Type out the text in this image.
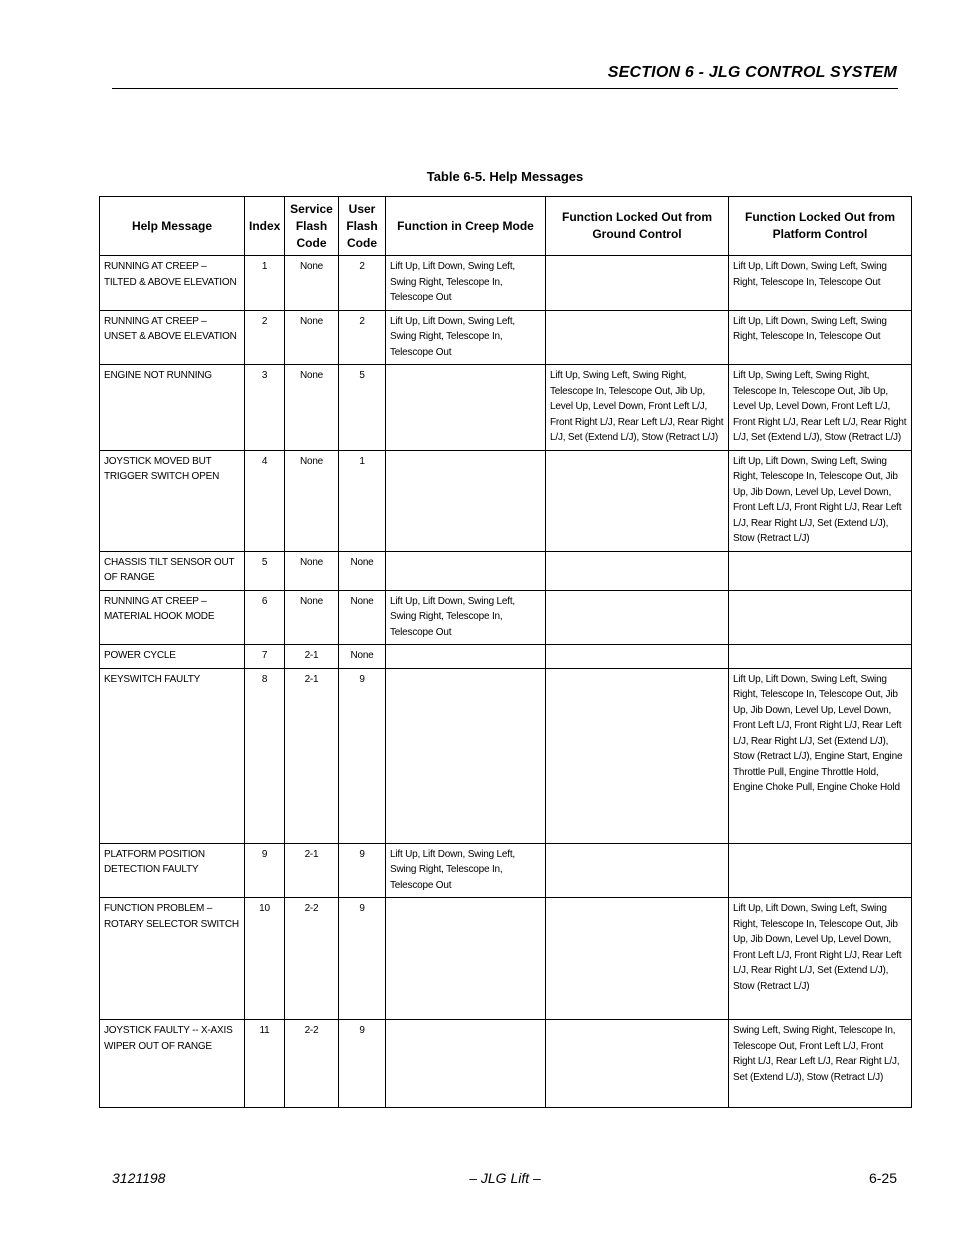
SECTION 6 - JLG CONTROL SYSTEM
Table 6-5. Help Messages
Help Message	Index	Service Flash Code	User Flash Code	Function in Creep Mode	Function Locked Out from Ground Control	Function Locked Out from Platform Control
RUNNING AT CREEP – TILTED & ABOVE ELEVATION	1	None	2	Lift Up, Lift Down, Swing Left, Swing Right, Telescope In, Telescope Out		Lift Up, Lift Down, Swing Left, Swing Right, Telescope In, Telescope Out
RUNNING AT CREEP – UNSET & ABOVE ELEVATION	2	None	2	Lift Up, Lift Down, Swing Left, Swing Right, Telescope In, Telescope Out		Lift Up, Lift Down, Swing Left, Swing Right, Telescope In, Telescope Out
ENGINE NOT RUNNING	3	None	5		Lift Up, Swing Left, Swing Right, Telescope In, Telescope Out, Jib Up, Level Up, Level Down, Front Left L/J, Front Right L/J, Rear Left L/J, Rear Right L/J, Set (Extend L/J), Stow (Retract L/J)	Lift Up, Swing Left, Swing Right, Telescope In, Telescope Out, Jib Up, Level Up, Level Down, Front Left L/J, Front Right L/J, Rear Left L/J, Rear Right L/J, Set (Extend L/J), Stow (Retract L/J)
JOYSTICK MOVED BUT TRIGGER SWITCH OPEN	4	None	1			Lift Up, Lift Down, Swing Left, Swing Right, Telescope In, Telescope Out, Jib Up, Jib Down, Level Up, Level Down, Front Left L/J, Front Right L/J, Rear Left L/J, Rear Right L/J, Set (Extend L/J), Stow (Retract L/J)
CHASSIS TILT SENSOR OUT OF RANGE	5	None	None			
RUNNING AT CREEP – MATERIAL HOOK MODE	6	None	None	Lift Up, Lift Down, Swing Left, Swing Right, Telescope In, Telescope Out		
POWER CYCLE	7	2-1	None			
KEYSWITCH FAULTY	8	2-1	9			Lift Up, Lift Down, Swing Left, Swing Right, Telescope In, Telescope Out, Jib Up, Jib Down, Level Up, Level Down, Front Left L/J, Front Right L/J, Rear Left L/J, Rear Right L/J, Set (Extend L/J), Stow (Retract L/J), Engine Start, Engine Throttle Pull, Engine Throttle Hold, Engine Choke Pull, Engine Choke Hold
PLATFORM POSITION DETECTION FAULTY	9	2-1	9	Lift Up, Lift Down, Swing Left, Swing Right, Telescope In, Telescope Out		
FUNCTION PROBLEM – ROTARY SELECTOR SWITCH	10	2-2	9			Lift Up, Lift Down, Swing Left, Swing Right, Telescope In, Telescope Out, Jib Up, Jib Down, Level Up, Level Down, Front Left L/J, Front Right L/J, Rear Left L/J, Rear Right L/J, Set (Extend L/J), Stow (Retract L/J)
JOYSTICK FAULTY -- X-AXIS WIPER OUT OF RANGE	11	2-2	9			Swing Left, Swing Right, Telescope In, Telescope Out, Front Left L/J, Front Right L/J, Rear Left L/J, Rear Right L/J, Set (Extend L/J), Stow (Retract L/J)
3121198	– JLG Lift –	6-25
